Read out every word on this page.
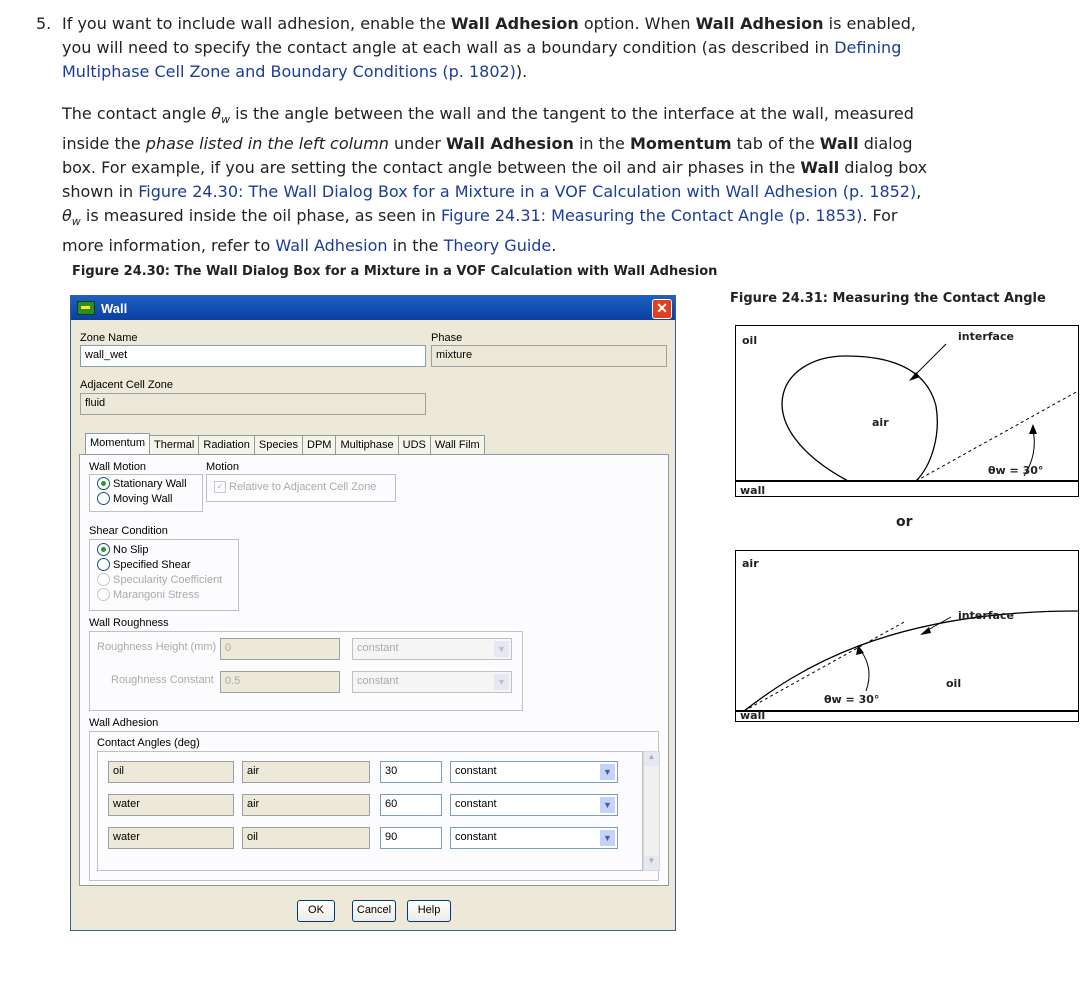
5. If you want to include wall adhesion, enable the Wall Adhesion option. When Wall Adhesion is enabled, you will need to specify the contact angle at each wall as a boundary condition (as described in Defining Multiphase Cell Zone and Boundary Conditions (p. 1802)).
The contact angle $\theta_w$ is the angle between the wall and the tangent to the interface at the wall, measured inside the phase listed in the left column under Wall Adhesion in the Momentum tab of the Wall dialog box. For example, if you are setting the contact angle between the oil and air phases in the Wall dialog box shown in Figure 24.30: The Wall Dialog Box for a Mixture in a VOF Calculation with Wall Adhesion (p. 1852), $\theta_w$ is measured inside the oil phase, as seen in Figure 24.31: Measuring the Contact Angle (p. 1853). For more information, refer to Wall Adhesion in the Theory Guide.
Figure 24.30: The Wall Dialog Box for a Mixture in a VOF Calculation with Wall Adhesion
Wall	✕
Zone Name
wall_wet
Phase
mixture
Adjacent Cell Zone
fluid
Momentum Thermal Radiation Species DPM Multiphase UDS Wall Film
Wall Motion
Stationary Wall
Moving Wall
Motion
✓ Relative to Adjacent Cell Zone
Shear Condition
No Slip
Specified Shear
Specularity Coefficient
Marangoni Stress
Wall Roughness
Roughness Height (mm) 0	constant	▼
Roughness Constant	0.5	constant	▼
Wall Adhesion
Contact Angles (deg)
▲
▼
oil	air	30	constant	▼
water	air	60	constant	▼
water	oil	90	constant	▼
OK	Cancel	Help
Figure 24.31: Measuring the Contact Angle
oil
air
wall
interface
θw = 30°
or
air
oil
wall
interface
θw = 30°
